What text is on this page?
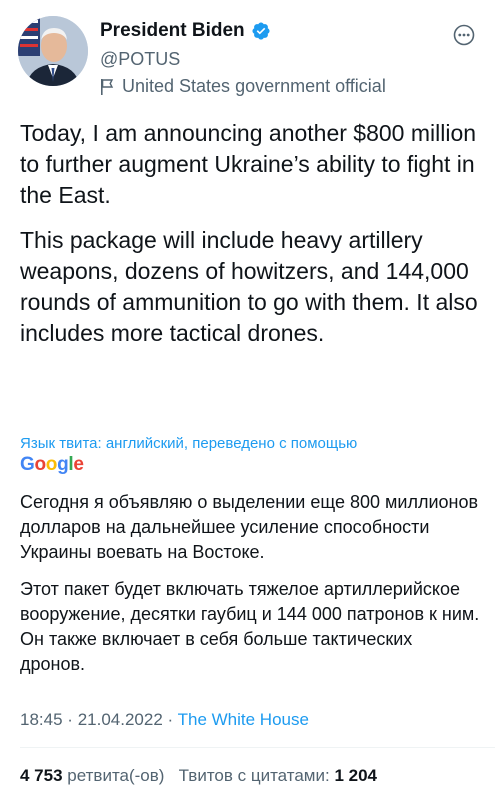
President Biden
@POTUS
United States government official

Today, I am announcing another $800 million to further augment Ukraine’s ability to fight in the East.

This package will include heavy artillery weapons, dozens of howitzers, and 144,000 rounds of ammunition to go with them. It also includes more tactical drones.

Язык твита: английский, переведено с помощью
Google

Сегодня я объявляю о выделении еще 800 миллионов долларов на дальнейшее усиление способности Украины воевать на Востоке.

Этот пакет будет включать тяжелое артиллерийское вооружение, десятки гаубиц и 144 000 патронов к ним. Он также включает в себя больше тактических дронов.

18:45 · 21.04.2022 · The White House
4 753 ретвита(-ов) Твитов с цитатами: 1 204
